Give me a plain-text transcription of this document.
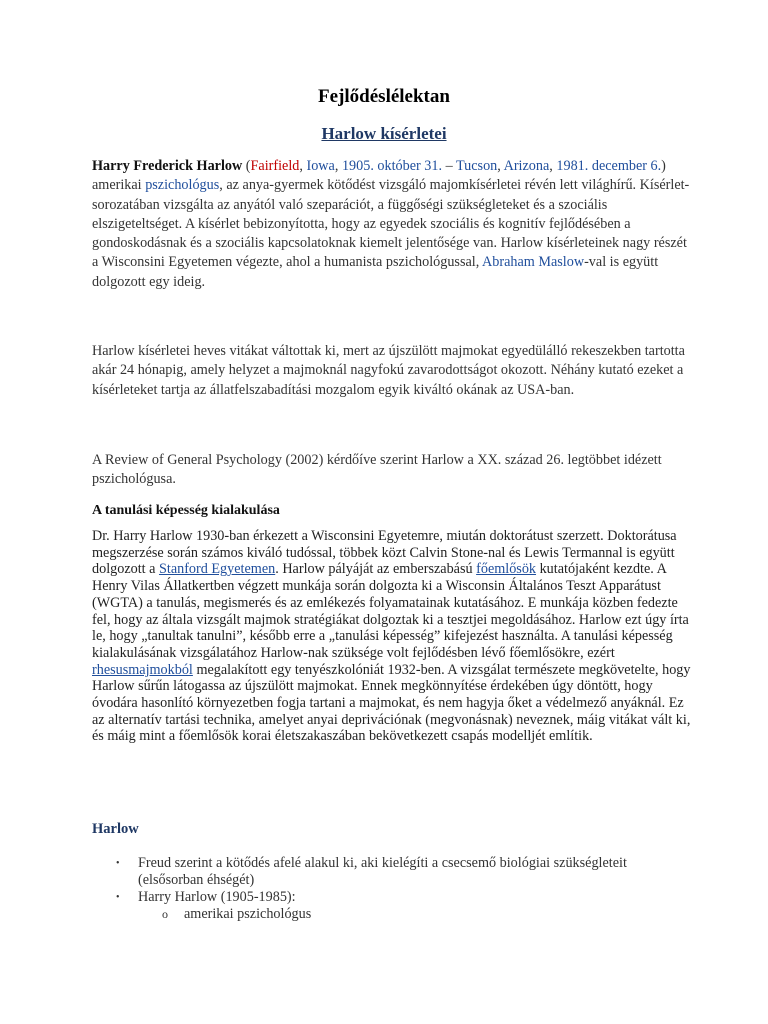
Fejlődéslélektan
Harlow kísérletei
Harry Frederick Harlow (Fairfield, Iowa, 1905. október 31. – Tucson, Arizona, 1981. december 6.) amerikai pszichológus, az anya-gyermek kötődést vizsgáló majomkísérletei révén lett világhírű. Kísérlet-sorozatában vizsgálta az anyától való szeparációt, a függőségi szükségleteket és a szociális elszigeteltséget. A kísérlet bebizonyította, hogy az egyedek szociális és kognitív fejlődésében a gondoskodásnak és a szociális kapcsolatoknak kiemelt jelentősége van. Harlow kísérleteinek nagy részét a Wisconsini Egyetemen végezte, ahol a humanista pszichológussal, Abraham Maslow-val is együtt dolgozott egy ideig.
Harlow kísérletei heves vitákat váltottak ki, mert az újszülött majmokat egyedülálló rekeszekben tartotta akár 24 hónapig, amely helyzet a majmoknál nagyfokú zavarodottságot okozott. Néhány kutató ezeket a kísérleteket tartja az állatfelszabadítási mozgalom egyik kiváltó okának az USA-ban.
A Review of General Psychology (2002) kérdőíve szerint Harlow a XX. század 26. legtöbbet idézett pszichológusa.
A tanulási képesség kialakulása
Dr. Harry Harlow 1930-ban érkezett a Wisconsini Egyetemre, miután doktorátust szerzett. Doktorátusa megszerzése során számos kiváló tudóssal, többek közt Calvin Stone-nal és Lewis Termannal is együtt dolgozott a Stanford Egyetemen. Harlow pályáját az emberszabású főemlősök kutatójaként kezdte. A Henry Vilas Állatkertben végzett munkája során dolgozta ki a Wisconsin Általános Teszt Apparátust (WGTA) a tanulás, megismerés és az emlékezés folyamatainak kutatásához. E munkája közben fedezte fel, hogy az általa vizsgált majmok stratégiákat dolgoztak ki a tesztjei megoldásához. Harlow ezt úgy írta le, hogy „tanultak tanulni”, később erre a „tanulási képesség” kifejezést használta. A tanulási képesség kialakulásának vizsgálatához Harlow-nak szüksége volt fejlődésben lévő főemlősökre, ezért rhesusmajmokból megalakított egy tenyészkolóniát 1932-ben. A vizsgálat természete megkövetelte, hogy Harlow sűrűn látogassa az újszülött majmokat. Ennek megkönnyítése érdekében úgy döntött, hogy óvodára hasonlító környezetben fogja tartani a majmokat, és nem hagyja őket a védelmező anyáknál. Ez az alternatív tartási technika, amelyet anyai deprivációnak (megvonásnak) neveznek, máig vitákat vált ki, és máig mint a főemlősök korai életszakaszában bekövetkezett csapás modelljét említik.
Harlow
• Freud szerint a kötődés afelé alakul ki, aki kielégíti a csecsemő biológiai szükségleteit (elsősorban éhségét)
• Harry Harlow (1905-1985):
o amerikai pszichológus
